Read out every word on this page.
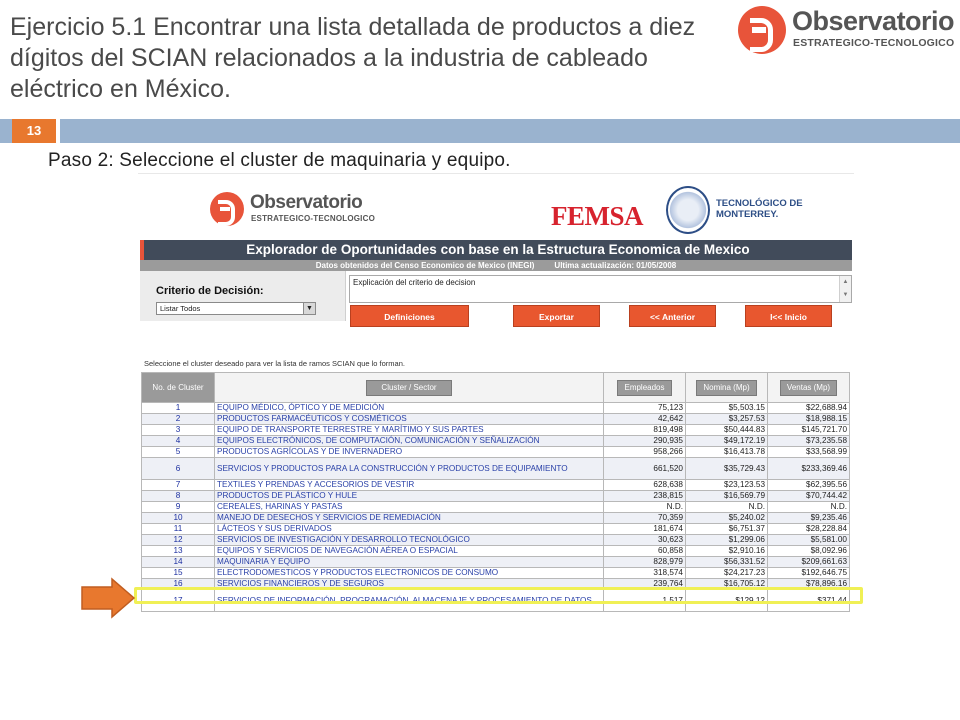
Ejercicio 5.1 Encontrar una lista detallada de productos a diez dígitos del SCIAN relacionados a la industria de cableado eléctrico en México.
Observatorio
ESTRATEGICO-TECNOLOGICO
13
Paso 2: Seleccione el cluster de maquinaria y equipo.
Observatorio
ESTRATEGICO-TECNOLOGICO	FEMSA	TECNOLÓGICO DE MONTERREY.
Explorador de Oportunidades con base en la Estructura Economica de Mexico
Datos obtenidos del Censo Economico de Mexico (INEGI)	Ultima actualización: 01/05/2008
Criterio de Decisión:
Listar Todos	▼
Explicación del criterio de decision	▲
▼
Definiciones	Exportar	<< Anterior	I<< Inicio
Seleccione el cluster deseado para ver la lista de ramos SCIAN que lo forman.
No. de Cluster	Cluster / Sector	Empleados	Nomina (Mp)	Ventas (Mp)
1	EQUIPO MÉDICO, ÓPTICO Y DE MEDICIÓN	75,123	$5,503.15	$22,688.94
2	PRODUCTOS FARMACÉUTICOS Y COSMÉTICOS	42,642	$3,257.53	$18,988.15
3	EQUIPO DE TRANSPORTE TERRESTRE Y MARÍTIMO Y SUS PARTES	819,498	$50,444.83	$145,721.70
4	EQUIPOS ELECTRÓNICOS, DE COMPUTACIÓN, COMUNICACIÓN Y SEÑALIZACIÓN	290,935	$49,172.19	$73,235.58
5	PRODUCTOS AGRÍCOLAS Y DE INVERNADERO	958,266	$16,413.78	$33,568.99
6	SERVICIOS Y PRODUCTOS PARA LA CONSTRUCCIÓN Y PRODUCTOS DE EQUIPAMIENTO	661,520	$35,729.43	$233,369.46
7	TEXTILES Y PRENDAS Y ACCESORIOS DE VESTIR	628,638	$23,123.53	$62,395.56
8	PRODUCTOS DE PLÁSTICO Y HULE	238,815	$16,569.79	$70,744.42
9	CEREALES, HARINAS Y PASTAS	N.D.	N.D.	N.D.
10	MANEJO DE DESECHOS Y SERVICIOS DE REMEDIACIÓN	70,359	$5,240.02	$9,235.46
11	LÁCTEOS Y SUS DERIVADOS	181,674	$6,751.37	$28,228.84
12	SERVICIOS DE INVESTIGACIÓN Y DESARROLLO TECNOLÓGICO	30,623	$1,299.06	$5,581.00
13	EQUIPOS Y SERVICIOS DE NAVEGACIÓN AÉREA O ESPACIAL	60,858	$2,910.16	$8,092.96
14	MAQUINARIA Y EQUIPO	828,979	$56,331.52	$209,661.63
15	ELECTRODOMESTICOS Y PRODUCTOS ELECTRONICOS DE CONSUMO	318,574	$24,217.23	$192,646.75
16	SERVICIOS FINANCIEROS Y DE SEGUROS	239,764	$16,705.12	$78,896.16
17	SERVICIOS DE INFORMACIÓN, PROGRAMACIÓN, ALMACENAJE Y PROCESAMIENTO DE DATOS	1,517	$129.12	$371.44
